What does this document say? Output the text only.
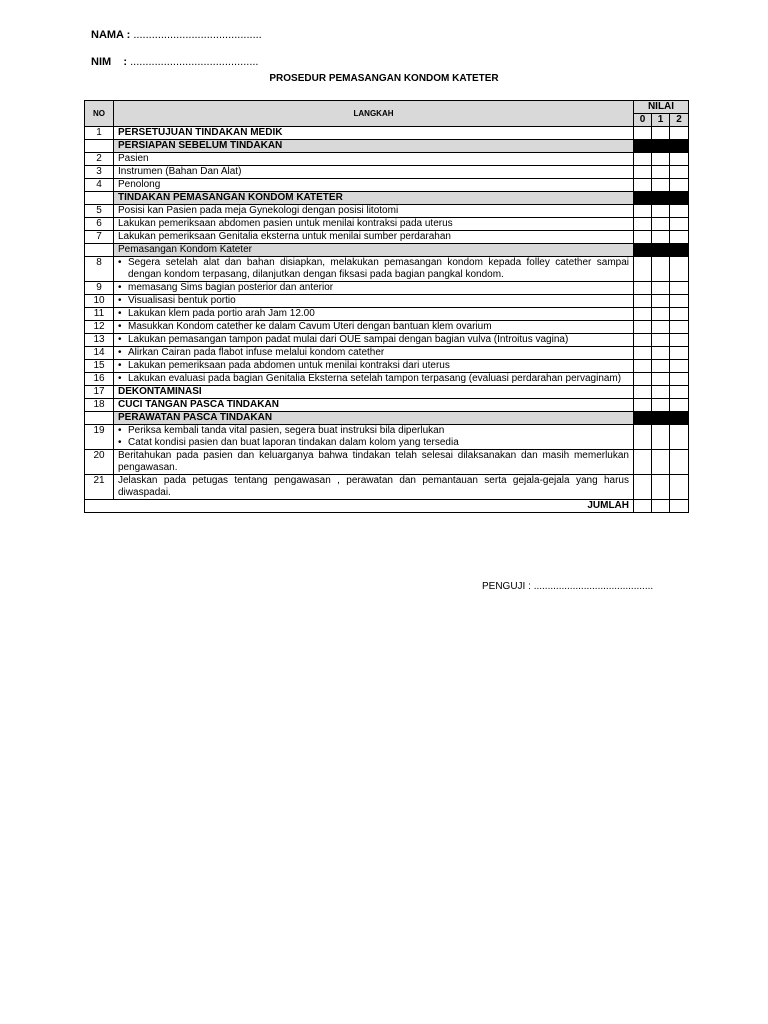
NAMA : ..........................................
NIM    : ..........................................
PROSEDUR PEMASANGAN KONDOM KATETER
NO	LANGKAH	NILAI		
		0	1	2
1	PERSETUJUAN TINDAKAN MEDIK			

	PERSIAPAN SEBELUM TINDAKAN			

2	Pasien			

3	Instrumen (Bahan Dan Alat)			

4	Penolong			

	TINDAKAN PEMASANGAN KONDOM KATETER			

5	Posisi kan Pasien pada meja Gynekologi dengan posisi litotomi			

6	Lakukan pemeriksaan abdomen pasien untuk menilai kontraksi pada uterus			

7	Lakukan pemeriksaan Genitalia eksterna untuk menilai sumber perdarahan			

	Pemasangan Kondom Kateter			

8	• Segera setelah alat dan bahan disiapkan, melakukan pemasangan kondom kepada folley catether sampai dengan kondom terpasang, dilanjutkan dengan fiksasi pada bagian pangkal kondom.

9	• memasang Sims bagian posterior dan anterior

10	• Visualisasi bentuk portio

11	• Lakukan klem pada portio arah Jam 12.00

12	• Masukkan Kondom catether ke dalam Cavum Uteri dengan bantuan klem ovarium

13	• Lakukan pemasangan tampon padat mulai dari OUE sampai dengan bagian vulva (Introitus vagina)

14	• Alirkan Cairan pada flabot infuse melalui kondom catether

15	• Lakukan pemeriksaan pada abdomen untuk menilai kontraksi dari uterus

16	• Lakukan evaluasi pada bagian Genitalia Eksterna setelah tampon terpasang (evaluasi perdarahan pervaginam)

17	DEKONTAMINASI			

18	CUCI TANGAN PASCA TINDAKAN			

	PERAWATAN PASCA TINDAKAN			

19	• Periksa kembali tanda vital pasien, segera buat instruksi bila diperlukan
• Catat kondisi pasien dan buat laporan tindakan dalam kolom yang tersedia

20	Beritahukan pada pasien dan keluarganya bahwa tindakan telah selesai dilaksanakan dan masih memerlukan pengawasan.			

21	Jelaskan pada petugas tentang pengawasan , perawatan dan pemantauan serta gejala-gejala yang harus diwaspadai.			

JUMLAH				
PENGUJI : ...........................................
